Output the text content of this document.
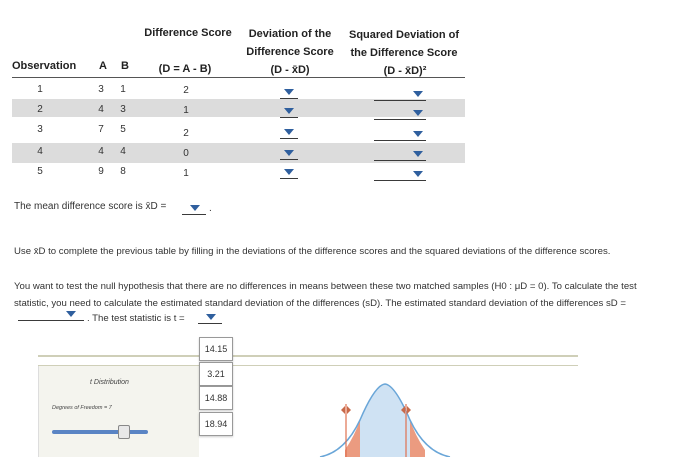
Difference Score	Deviation of the
Difference Score
Squared Deviation of
the Difference Score
Observation	A	B	(D = A - B)	(D - x̄D)	(D - x̄D)²
1	3	1	2
2	4	3	1
3	7	5	2
4	4	4	0
5	9	8	1
The mean difference score is x̄D =	.
Use x̄D to complete the previous table by filling in the deviations of the difference scores and the squared deviations of the difference scores.
You want to test the null hypothesis that there are no differences in means between these two matched samples (H0 : μD = 0). To calculate the test
statistic, you need to calculate the estimated standard deviation of the differences (sD). The estimated standard deviation of the differences sD =
. The test statistic is t =
t Distribution
Degrees of Freedom = 7
14.15
3.21
14.88
18.94
